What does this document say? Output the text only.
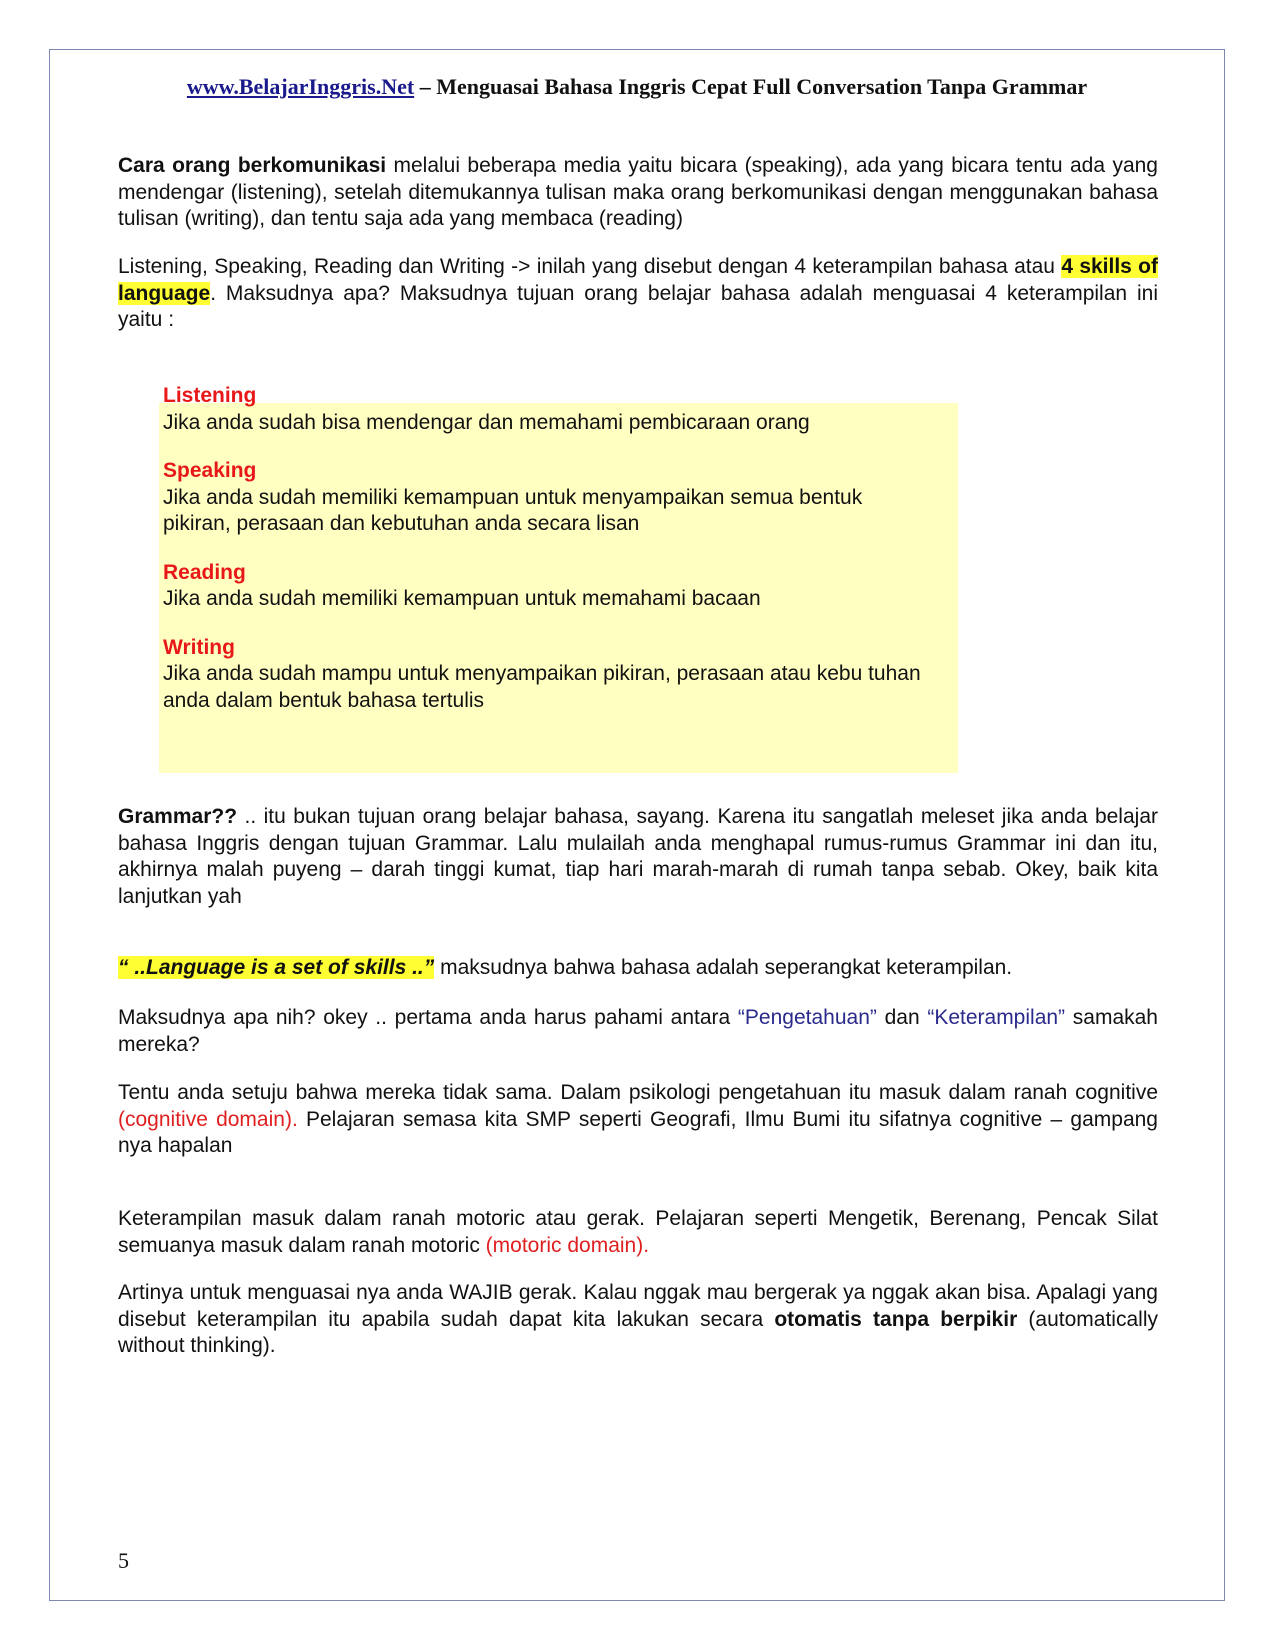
www.BelajarInggris.Net – Menguasai Bahasa Inggris Cepat Full Conversation Tanpa Grammar

Cara orang berkomunikasi melalui beberapa media yaitu bicara (speaking), ada yang bicara tentu ada yang mendengar (listening), setelah ditemukannya tulisan maka orang berkomunikasi dengan menggunakan bahasa tulisan (writing), dan tentu saja ada yang membaca (reading)

Listening, Speaking, Reading dan Writing -> inilah yang disebut dengan 4 keterampilan bahasa atau 4 skills of language. Maksudnya apa? Maksudnya tujuan orang belajar bahasa adalah menguasai 4 keterampilan ini yaitu :

Listening
Jika anda sudah bisa mendengar dan memahami pembicaraan orang
Speaking
Jika anda sudah memiliki kemampuan untuk menyampaikan semua bentuk pikiran, perasaan dan kebutuhan anda secara lisan
Reading
Jika anda sudah memiliki kemampuan untuk memahami bacaan
Writing
Jika anda sudah mampu untuk menyampaikan pikiran, perasaan atau kebu tuhan anda dalam bentuk bahasa tertulis

Grammar?? .. itu bukan tujuan orang belajar bahasa, sayang. Karena itu sangatlah meleset jika anda belajar bahasa Inggris dengan tujuan Grammar. Lalu mulailah anda menghapal rumus-rumus Grammar ini dan itu, akhirnya malah puyeng – darah tinggi kumat, tiap hari marah-marah di rumah tanpa sebab. Okey, baik kita lanjutkan yah

“ ..Language is a set of skills ..” maksudnya bahwa bahasa adalah seperangkat keterampilan.

Maksudnya apa nih? okey .. pertama anda harus pahami antara “Pengetahuan” dan “Keterampilan” samakah mereka?

Tentu anda setuju bahwa mereka tidak sama. Dalam psikologi pengetahuan itu masuk dalam ranah cognitive (cognitive domain). Pelajaran semasa kita SMP seperti Geografi, Ilmu Bumi itu sifatnya cognitive – gampang nya hapalan

Keterampilan masuk dalam ranah motoric atau gerak. Pelajaran seperti Mengetik, Berenang, Pencak Silat semuanya masuk dalam ranah motoric (motoric domain).

Artinya untuk menguasai nya anda WAJIB gerak. Kalau nggak mau bergerak ya nggak akan bisa. Apalagi yang disebut keterampilan itu apabila sudah dapat kita lakukan secara otomatis tanpa berpikir (automatically without thinking).

5
